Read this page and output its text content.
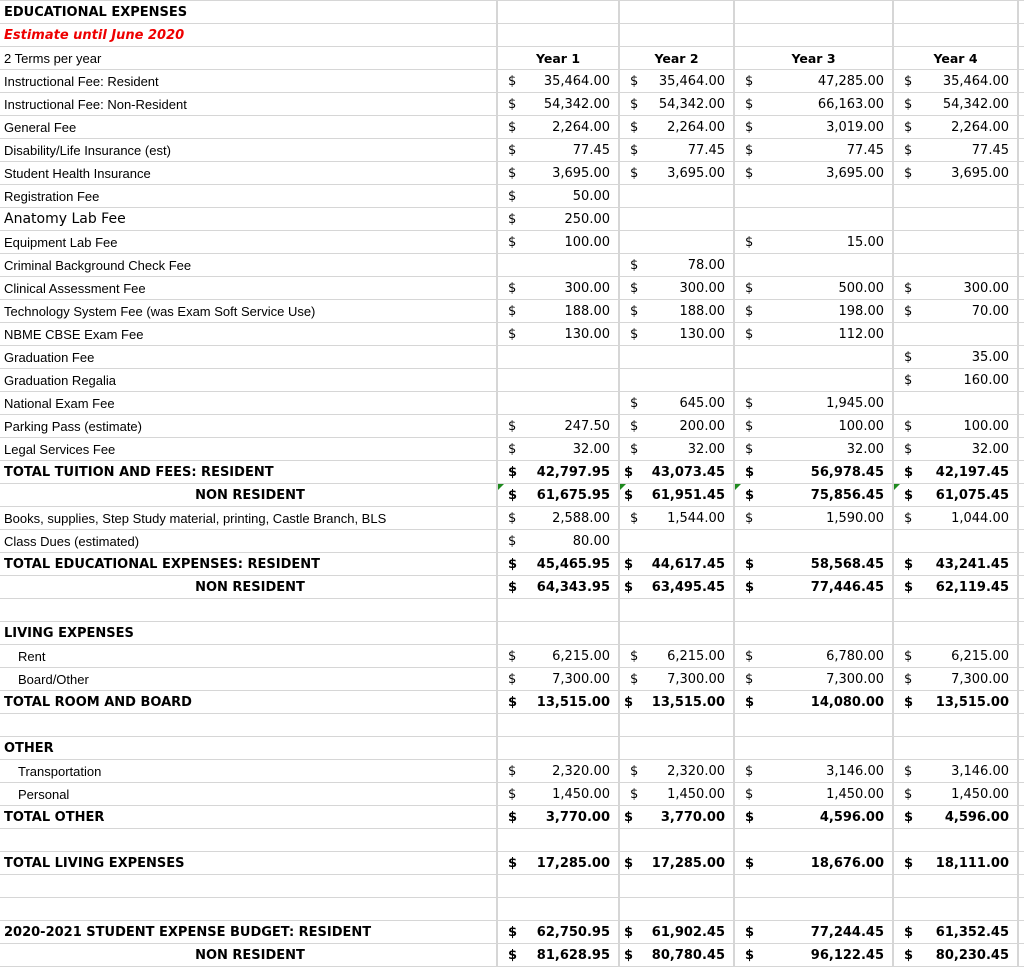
EDUCATIONAL EXPENSES					
Estimate until June 2020					
2 Terms per year	Year 1	Year 2	Year 3	Year 4	

Instructional Fee: Resident	$ 35,464.00	$ 35,464.00	$ 47,285.00	$ 35,464.00	

Instructional Fee: Non-Resident	$ 54,342.00	$ 54,342.00	$ 66,163.00	$ 54,342.00	

General Fee	$ 2,264.00	$ 2,264.00	$ 3,019.00	$ 2,264.00	

Disability/Life Insurance (est)	$ 77.45	$ 77.45	$ 77.45	$ 77.45	

Student Health Insurance	$ 3,695.00	$ 3,695.00	$ 3,695.00	$ 3,695.00	

Registration Fee	$ 50.00				

Anatomy Lab Fee	$ 250.00				

Equipment Lab Fee	$ 100.00		$ 15.00		

Criminal Background Check Fee		$ 78.00			

Clinical Assessment Fee	$ 300.00	$ 300.00	$ 500.00	$ 300.00	

Technology System Fee (was Exam Soft Service Use)	$ 188.00	$ 188.00	$ 198.00	$ 70.00	

NBME CBSE Exam Fee	$ 130.00	$ 130.00	$ 112.00		

Graduation Fee				$ 35.00	

Graduation Regalia				$ 160.00	

National Exam Fee		$ 645.00	$ 1,945.00		

Parking Pass (estimate)	$ 247.50	$ 200.00	$ 100.00	$ 100.00	

Legal Services Fee	$ 32.00	$ 32.00	$ 32.00	$ 32.00	

TOTAL TUITION AND FEES: RESIDENT	$ 42,797.95	$ 43,073.45	$ 56,978.45	$ 42,197.45	

NON RESIDENT	$ 61,675.95	$ 61,951.45	$ 75,856.45	$ 61,075.45	

Books, supplies, Step Study material, printing, Castle Branch, BLS	$ 2,588.00	$ 1,544.00	$ 1,590.00	$ 1,044.00	

Class Dues (estimated)	$ 80.00				

TOTAL EDUCATIONAL EXPENSES: RESIDENT	$ 45,465.95	$ 44,617.45	$ 58,568.45	$ 43,241.45	

NON RESIDENT	$ 64,343.95	$ 63,495.45	$ 77,446.45	$ 62,119.45	

LIVING EXPENSES					
Rent	$ 6,215.00	$ 6,215.00	$ 6,780.00	$ 6,215.00	

Board/Other	$ 7,300.00	$ 7,300.00	$ 7,300.00	$ 7,300.00	

TOTAL ROOM AND BOARD	$ 13,515.00	$ 13,515.00	$ 14,080.00	$ 13,515.00	

OTHER					
Transportation	$ 2,320.00	$ 2,320.00	$ 3,146.00	$ 3,146.00	

Personal	$ 1,450.00	$ 1,450.00	$ 1,450.00	$ 1,450.00	

TOTAL OTHER	$ 3,770.00	$ 3,770.00	$ 4,596.00	$ 4,596.00	

TOTAL LIVING EXPENSES	$ 17,285.00	$ 17,285.00	$ 18,676.00	$ 18,111.00	

2020-2021 STUDENT EXPENSE BUDGET: RESIDENT	$ 62,750.95	$ 61,902.45	$ 77,244.45	$ 61,352.45	

NON RESIDENT	$ 81,628.95	$ 80,780.45	$ 96,122.45	$ 80,230.45	
